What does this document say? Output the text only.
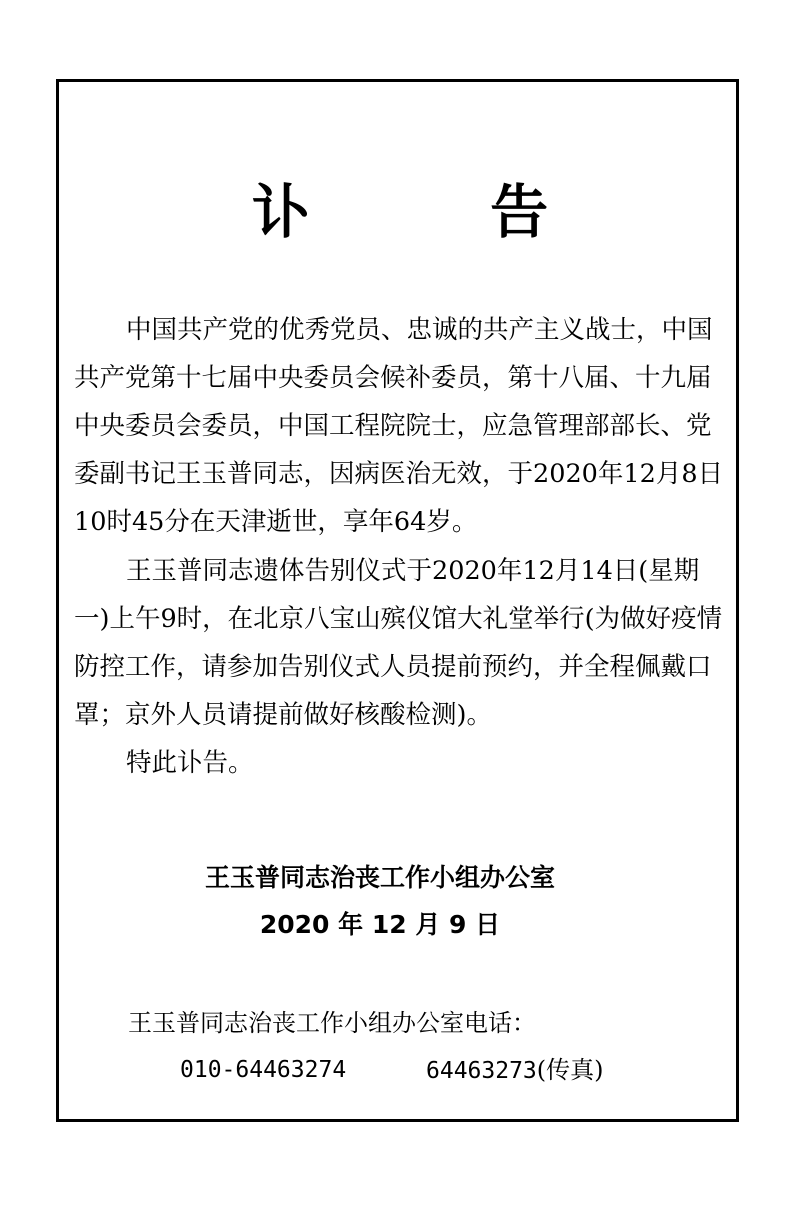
讣 告

中国共产党的优秀党员、忠诚的共产主义战士，中国共产党第十七届中央委员会候补委员，第十八届、十九届中央委员会委员，中国工程院院士，应急管理部部长、党委副书记王玉普同志，因病医治无效，于2020年12月8日10时45分在天津逝世，享年64岁。

王玉普同志遗体告别仪式于2020年12月14日(星期一)上午9时，在北京八宝山殡仪馆大礼堂举行(为做好疫情防控工作，请参加告别仪式人员提前预约，并全程佩戴口罩；京外人员请提前做好核酸检测)。

特此讣告。

王玉普同志治丧工作小组办公室
2020 年 12 月 9 日
王玉普同志治丧工作小组办公室电话：
010-64463274	64463273(传真)
